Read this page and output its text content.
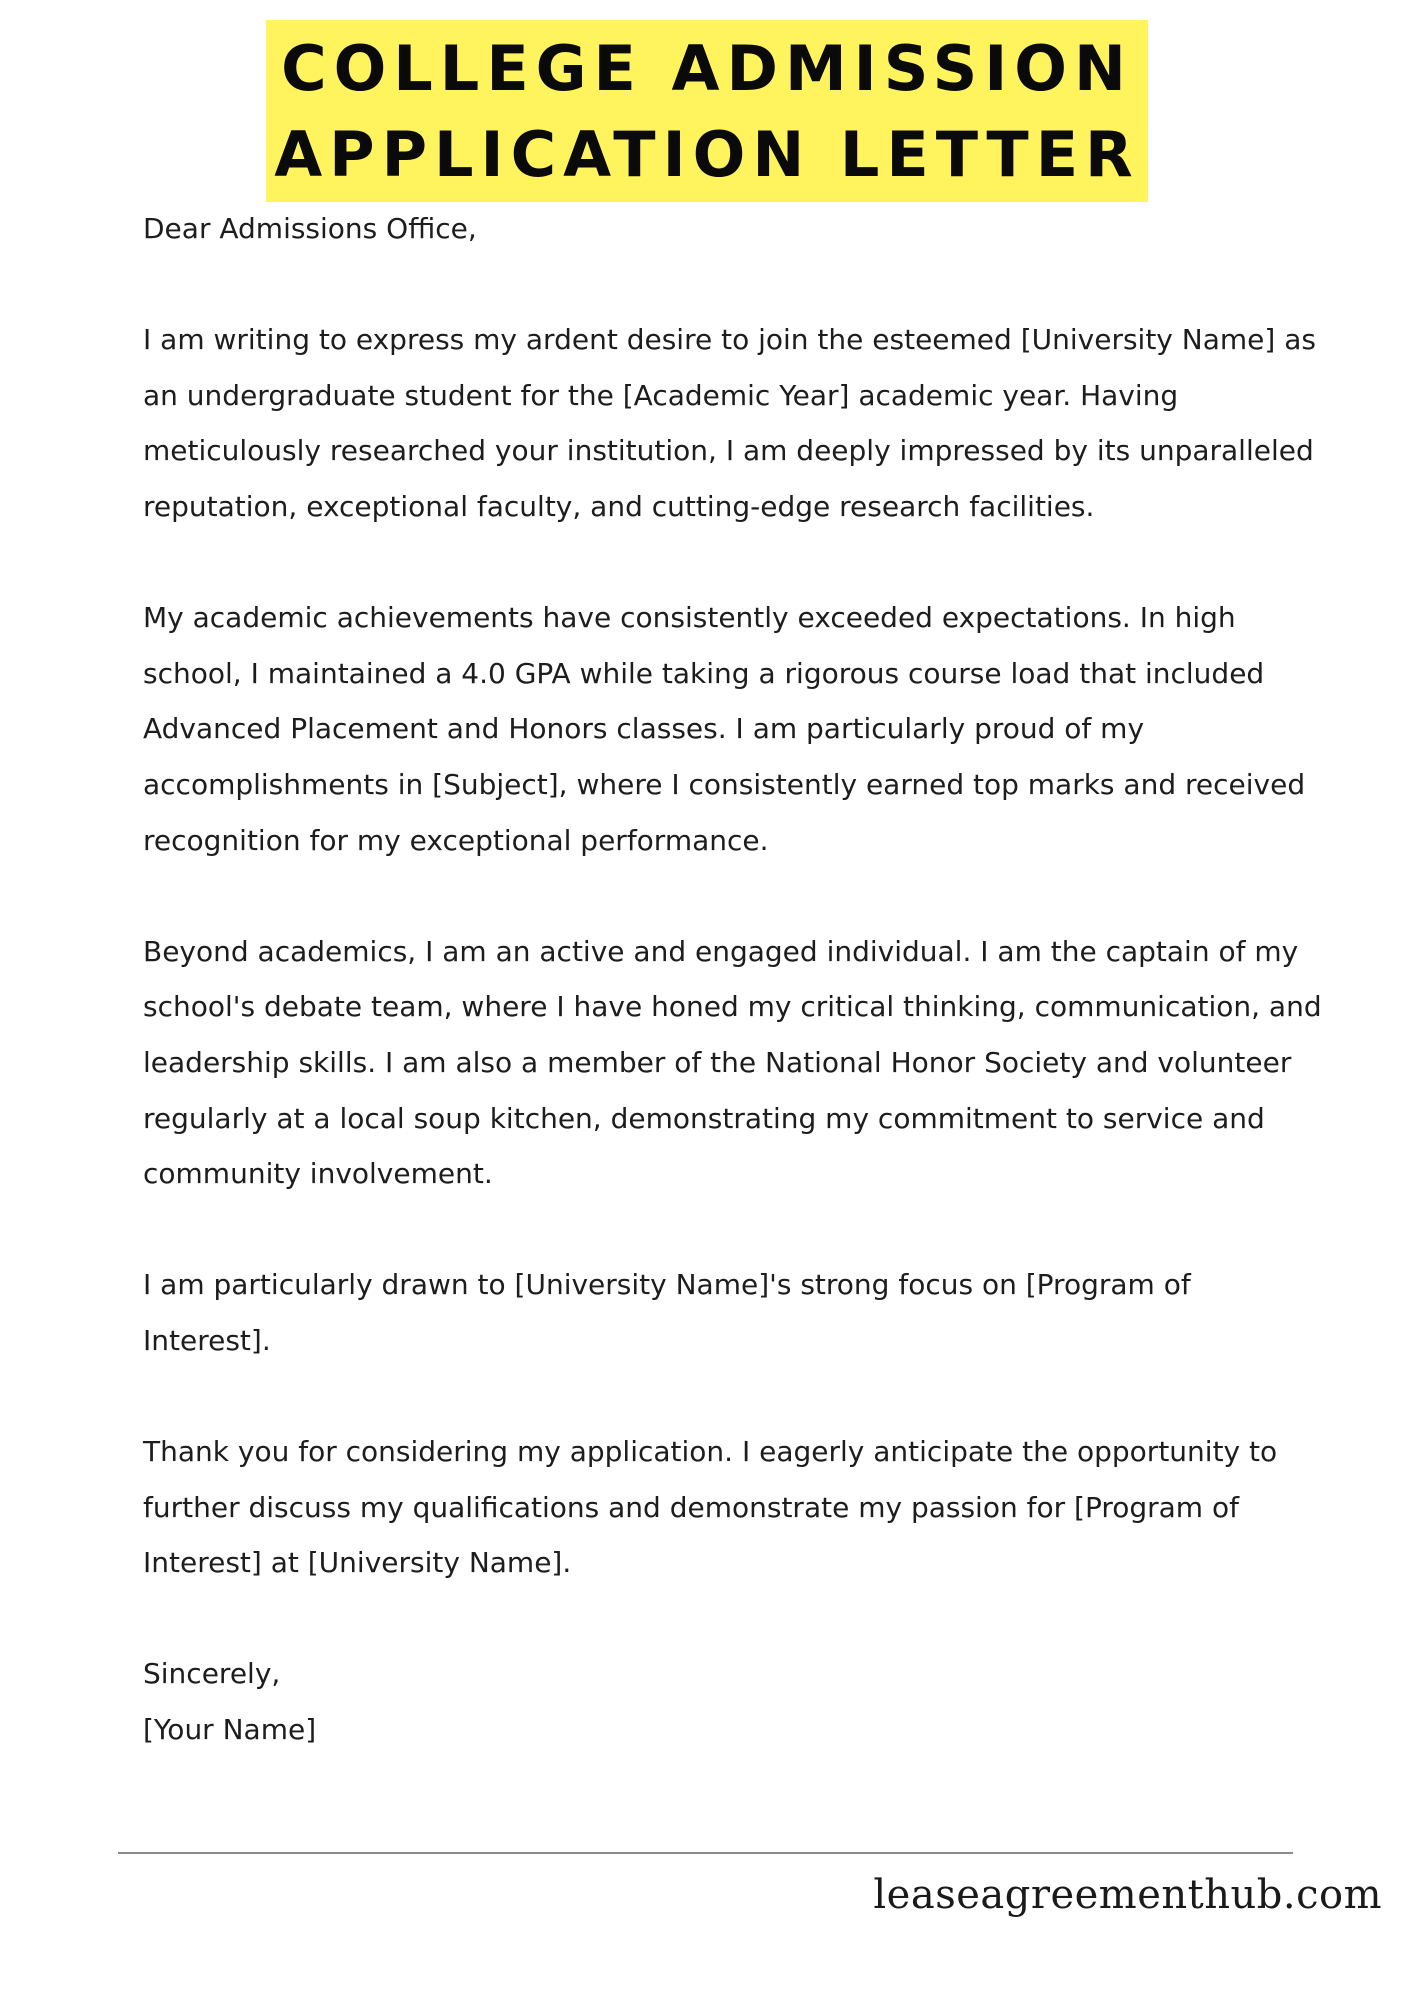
COLLEGE ADMISSION
APPLICATION LETTER

Dear Admissions Office,

I am writing to express my ardent desire to join the esteemed [University Name] as an undergraduate student for the [Academic Year] academic year. Having meticulously researched your institution, I am deeply impressed by its unparalleled reputation, exceptional faculty, and cutting-edge research facilities.

My academic achievements have consistently exceeded expectations. In high school, I maintained a 4.0 GPA while taking a rigorous course load that included Advanced Placement and Honors classes. I am particularly proud of my accomplishments in [Subject], where I consistently earned top marks and received recognition for my exceptional performance.

Beyond academics, I am an active and engaged individual. I am the captain of my school's debate team, where I have honed my critical thinking, communication, and leadership skills. I am also a member of the National Honor Society and volunteer regularly at a local soup kitchen, demonstrating my commitment to service and community involvement.

I am particularly drawn to [University Name]'s strong focus on [Program of Interest].

Thank you for considering my application. I eagerly anticipate the opportunity to further discuss my qualifications and demonstrate my passion for [Program of Interest] at [University Name].

Sincerely,
[Your Name]

leaseagreementhub.com
